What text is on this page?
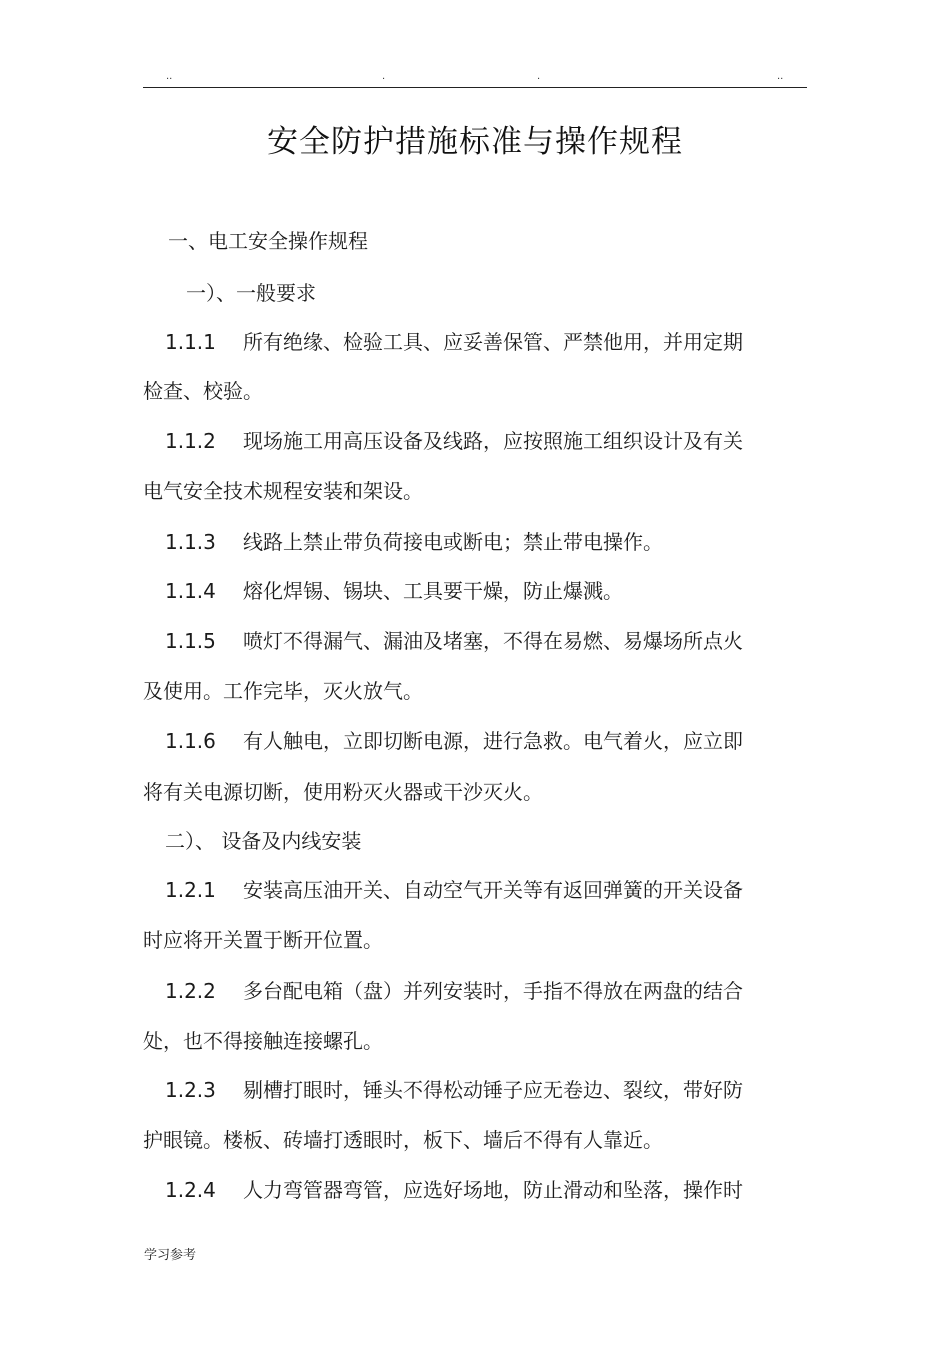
..	.	.	..
安全防护措施标准与操作规程
一、电工安全操作规程
一）、一般要求
1.1.1 所有绝缘、检验工具、应妥善保管、严禁他用，并用定期
检查、校验。
1.1.2 现场施工用高压设备及线路，应按照施工组织设计及有关
电气安全技术规程安装和架设。
1.1.3 线路上禁止带负荷接电或断电；禁止带电操作。
1.1.4 熔化焊锡、锡块、工具要干燥，防止爆溅。
1.1.5 喷灯不得漏气、漏油及堵塞，不得在易燃、易爆场所点火
及使用。工作完毕，灭火放气。
1.1.6 有人触电，立即切断电源，进行急救。电气着火，应立即
将有关电源切断，使用粉灭火器或干沙灭火。
二）、 设备及内线安装
1.2.1 安装高压油开关、自动空气开关等有返回弹簧的开关设备
时应将开关置于断开位置。
1.2.2 多台配电箱（盘）并列安装时，手指不得放在两盘的结合
处，也不得接触连接螺孔。
1.2.3 剔槽打眼时，锤头不得松动锤子应无卷边、裂纹，带好防
护眼镜。楼板、砖墙打透眼时，板下、墙后不得有人靠近。
1.2.4 人力弯管器弯管，应选好场地，防止滑动和坠落，操作时
学习参考
